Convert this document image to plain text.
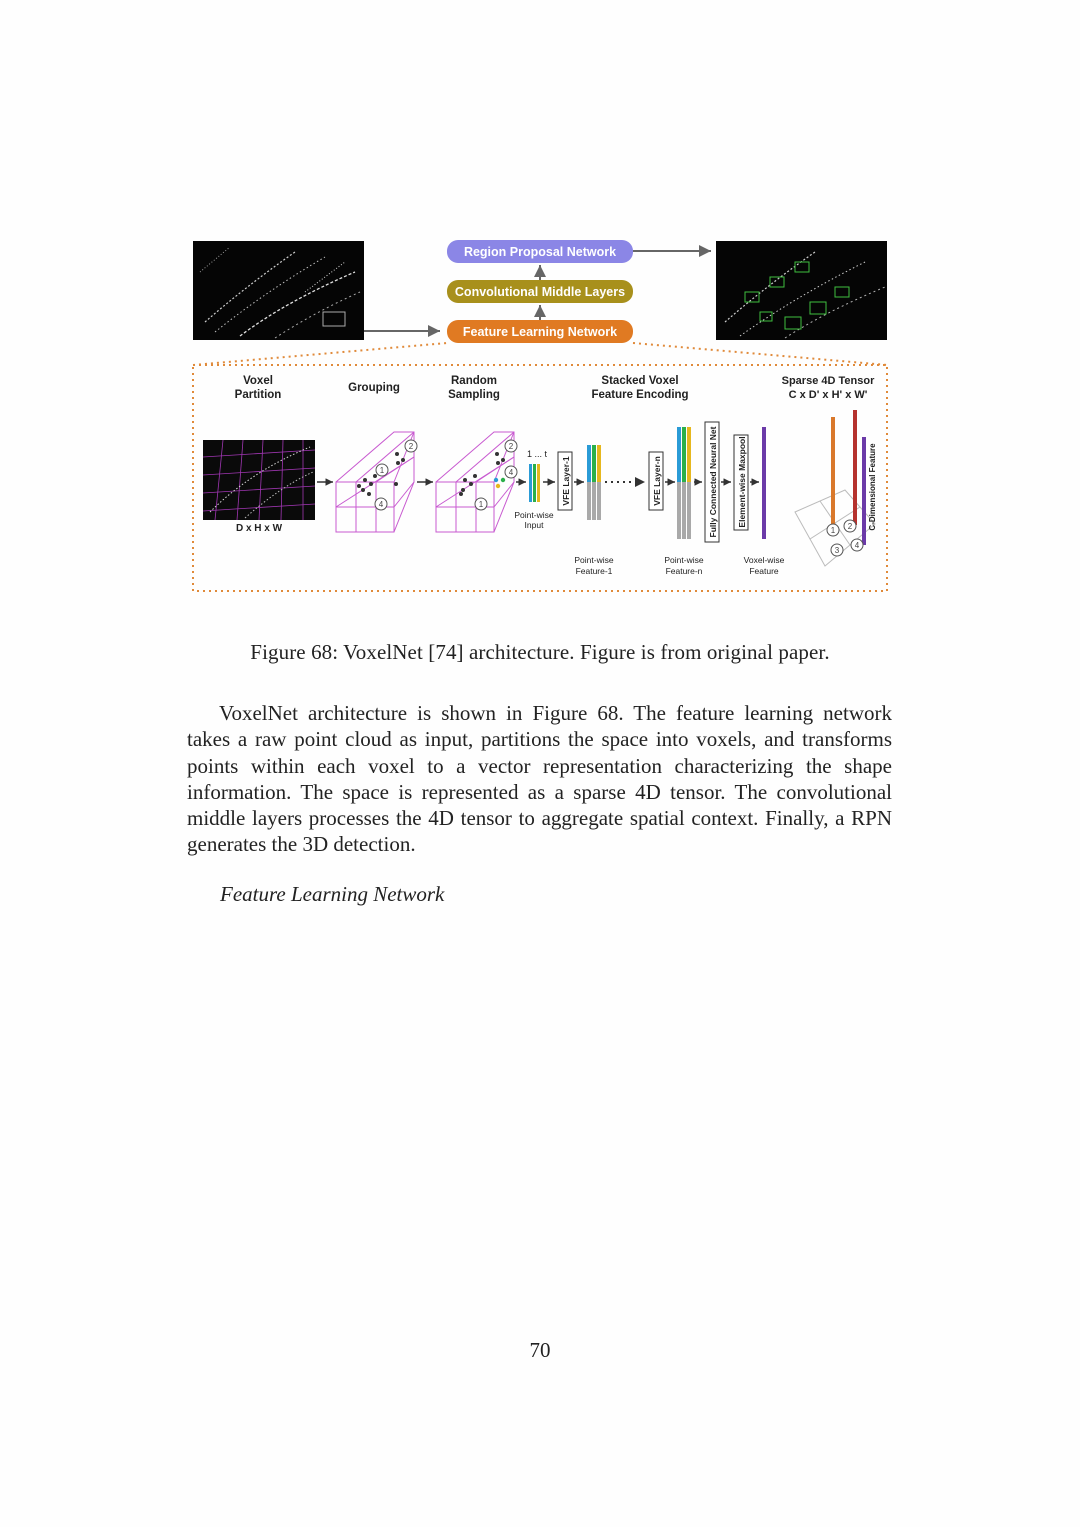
Region Proposal Network
Convolutional Middle Layers
Feature Learning Network
Voxel
Partition
Grouping
Random
Sampling
Stacked Voxel
Feature Encoding
Sparse 4D Tensor
C x D' x H' x W'
D x H x W
2
1
4
2
4
1
1 ... t
Point-wise
Input
VFE Layer-1
Point-wise
Feature-1
VFE Layer-n
Point-wise
Feature-n
Fully Connected Neural Net Element-wise Maxpool
Voxel-wise
Feature
1 2
3
4
C-Dimensional Feature
Figure 68: VoxelNet [74] architecture. Figure is from original paper.

VoxelNet architecture is shown in Figure 68. The feature learning network takes a raw point cloud as input, partitions the space into voxels, and transforms points within each voxel to a vector representation characterizing the shape information. The space is represented as a sparse 4D tensor. The convolutional middle layers processes the 4D tensor to aggregate spatial context. Finally, a RPN generates the 3D detection.

Feature Learning Network
70
